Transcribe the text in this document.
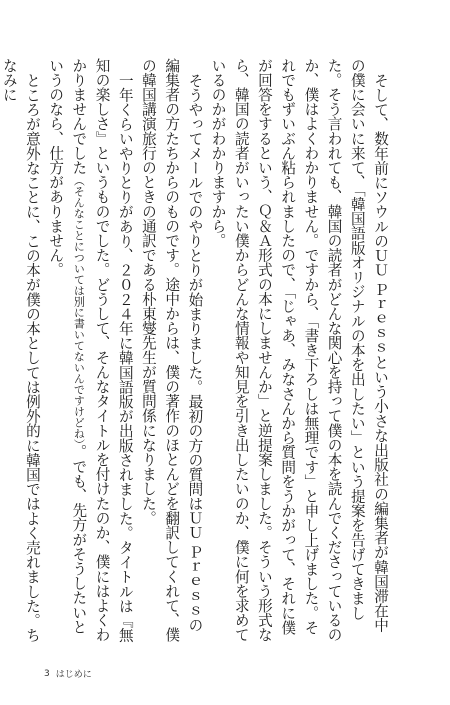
そして、数年前にソウルのＵＵ Ｐｒｅｓｓという小さな出版社の編集者が韓国滞在中の僕に会いに来て、「韓国語版オリジナルの本を出したい」という提案を告げてきました。そう言われても、韓国の読者がどんな関心を持って僕の本を読んでくださっているのか、僕はよくわかりません。ですから、「書き下ろしは無理です」と申し上げました。それでもずいぶん粘られましたので、「じゃあ、みなさんから質問をうかがって、それに僕が回答をするという、Ｑ＆Ａ形式の本にしませんか」と逆提案しました。そういう形式なら、韓国の読者がいったい僕からどんな情報や知見を引き出したいのか、僕に何を求めているのかがわかりますから。

そうやってメールでのやりとりが始まりました。最初の方の質問はＵＵ Ｐｒｅｓｓの編集者の方たちからのものです。途中からは、僕の著作のほとんどを翻訳してくれて、僕の韓国講演旅行のときの通訳である朴東燮先生が質問係になりました。

一年くらいやりとりがあり、２０２４年に韓国語版が出版されました。タイトルは『無知の楽しさ』というものでした。どうして、そんなタイトルを付けたのか、僕にはよくわかりませんでした（そんなことについては別に書いてないんですけどね）。でも、先方がそうしたいというのなら、仕方がありません。

ところが意外なことに、この本が僕の本としては例外的に韓国ではよく売れました。ちなみに

3 はじめに
